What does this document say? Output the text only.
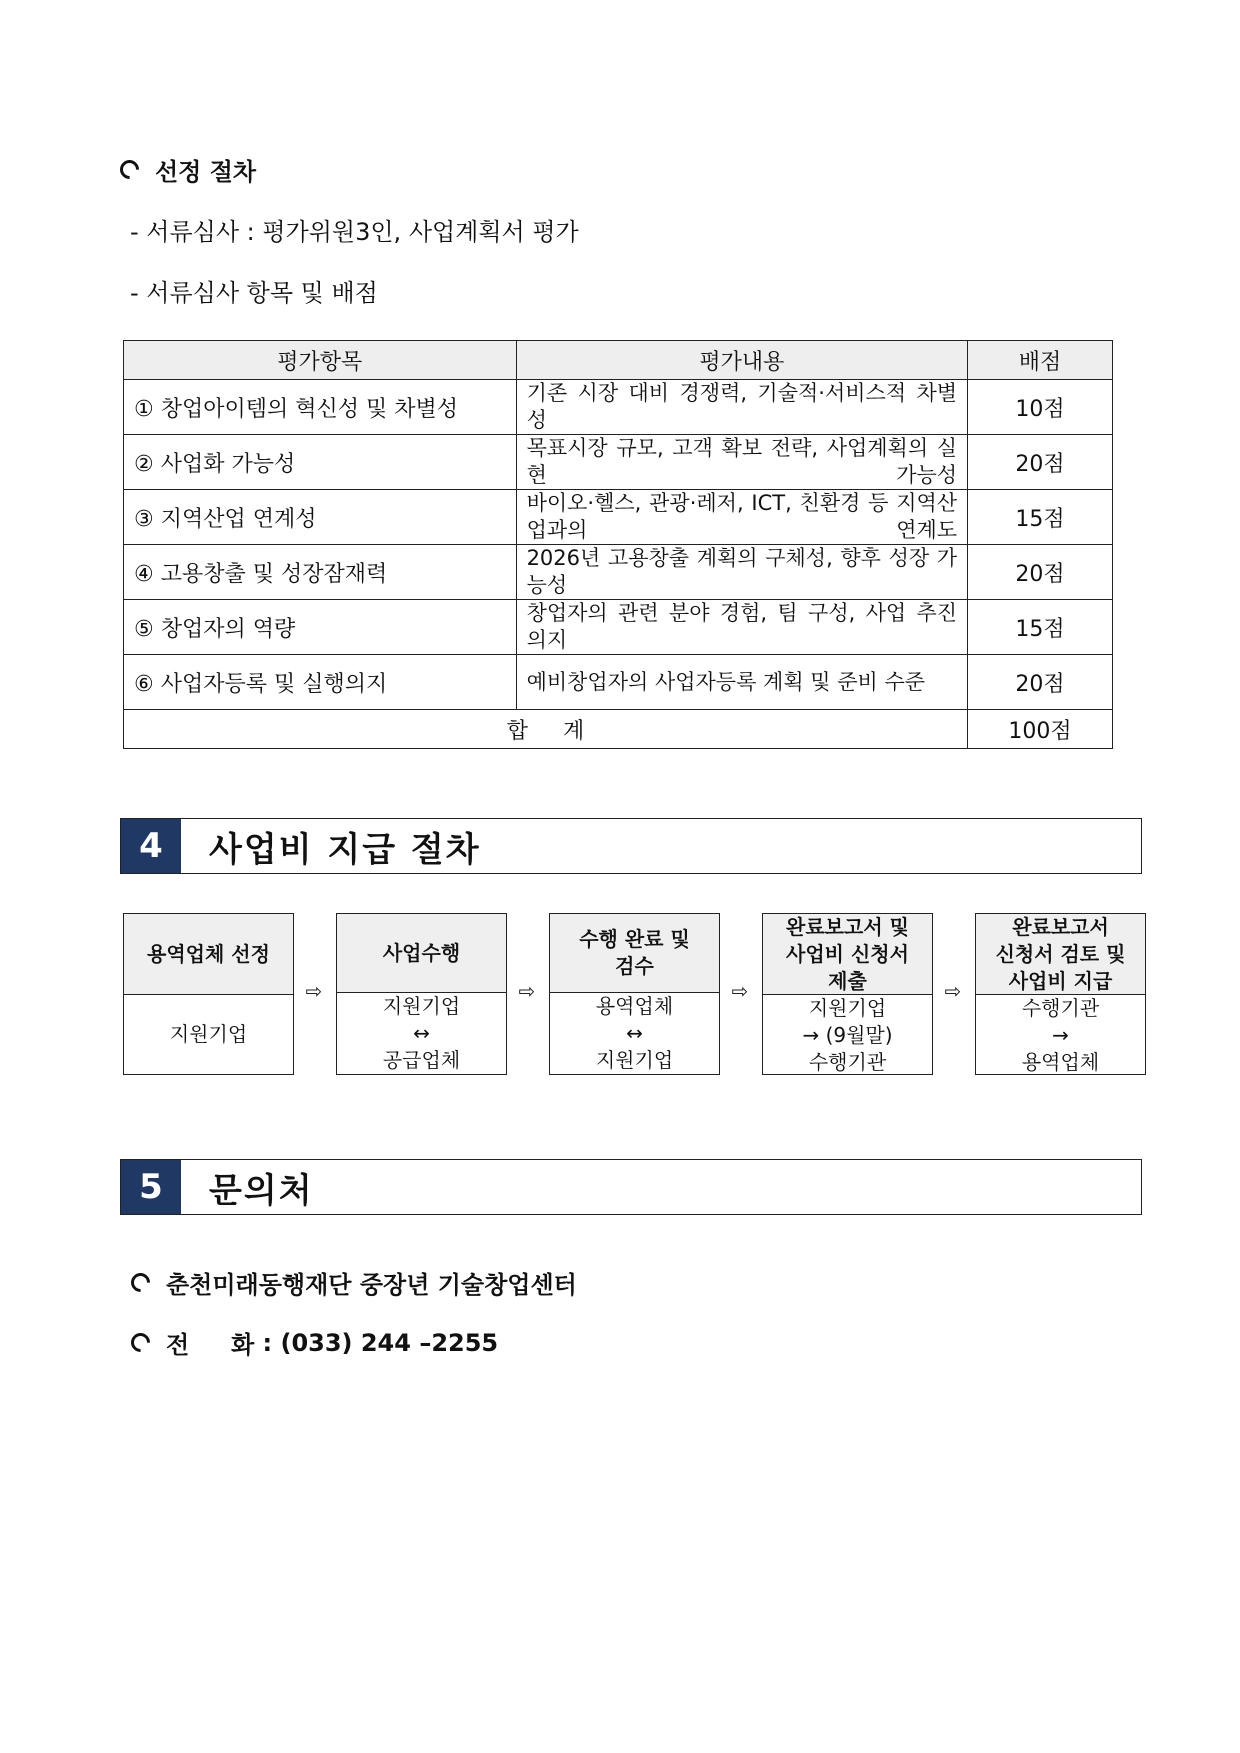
선정 절차
- 서류심사 : 평가위원3인, 사업계획서 평가
- 서류심사 항목 및 배점
평가항목	평가내용	배점
① 창업아이템의 혁신성 및 차별성	기존 시장 대비 경쟁력, 기술적·서비스적 차별성	10점
② 사업화 가능성	목표시장 규모, 고객 확보 전략, 사업계획의 실현 가능성	20점
③ 지역산업 연계성	바이오·헬스, 관광·레저, ICT, 친환경 등 지역산업과의 연계도	15점
④ 고용창출 및 성장잠재력	2026년 고용창출 계획의 구체성, 향후 성장 가능성	20점
⑤ 창업자의 역량	창업자의 관련 분야 경험, 팀 구성, 사업 추진 의지	15점
⑥ 사업자등록 및 실행의지	예비창업자의 사업자등록 계획 및 준비 수준	20점
합     계		100점
4	사업비 지급 절차
용역업체 선정
지원기업
⇨
사업수행
지원기업
↔
공급업체
⇨
수행 완료 및
검수
용역업체
↔
지원기업
⇨
완료보고서 및
사업비 신청서
제출
지원기업
→ (9월말)
수행기관
⇨
완료보고서
신청서 검토 및
사업비 지급
수행기관
→
용역업체
5	문의처
춘천미래동행재단 중장년 기술창업센터
전     화 : (033) 244 –2255
